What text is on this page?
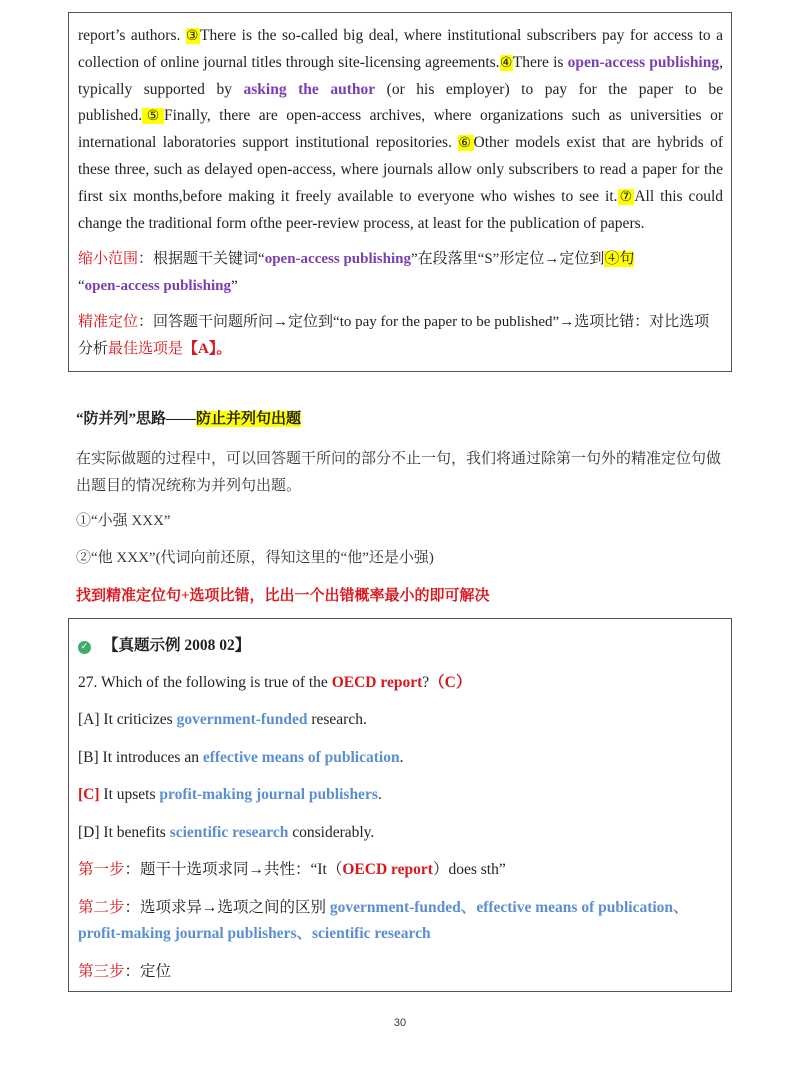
report’s authors. ③There is the so-called big deal, where institutional subscribers pay for access to a collection of online journal titles through site-licensing agreements.④There is open-access publishing, typically supported by asking the author (or his employer) to pay for the paper to be published.⑤Finally, there are open-access archives, where organizations such as universities or international laboratories support institutional repositories. ⑥Other models exist that are hybrids of these three, such as delayed open-access, where journals allow only subscribers to read a paper for the first six months,before making it freely available to everyone who wishes to see it.⑦All this could change the traditional form ofthe peer-review process, at least for the publication of papers.

缩小范围：根据题干关键词“open-access publishing”在段落里“S”形定位→定位到④句
“open-access publishing”

精准定位：回答题干问题所问→定位到“to pay for the paper to be published”→选项比错：对比选项分析最佳选项是【A】。

“防并列”思路——防止并列句出题

在实际做题的过程中，可以回答题干所问的部分不止一句，我们将通过除第一句外的精准定位句做出题目的情况统称为并列句出题。

①“小强 XXX”

②“他 XXX”(代词向前还原，得知这里的“他”还是小强)

找到精准定位句+选项比错，比出一个出错概率最小的即可解决

✓ 【真题示例 2008 02】

27. Which of the following is true of the OECD report?（C）

[A] It criticizes government-funded research.

[B] It introduces an effective means of publication.

[C] It upsets profit-making journal publishers.

[D] It benefits scientific research considerably.

第一步：题干十选项求同→共性：“It（OECD report）does sth”

第二步：选项求异→选项之间的区别 government-funded、effective means of publication、
profit-making journal publishers、scientific research

第三步：定位

30
